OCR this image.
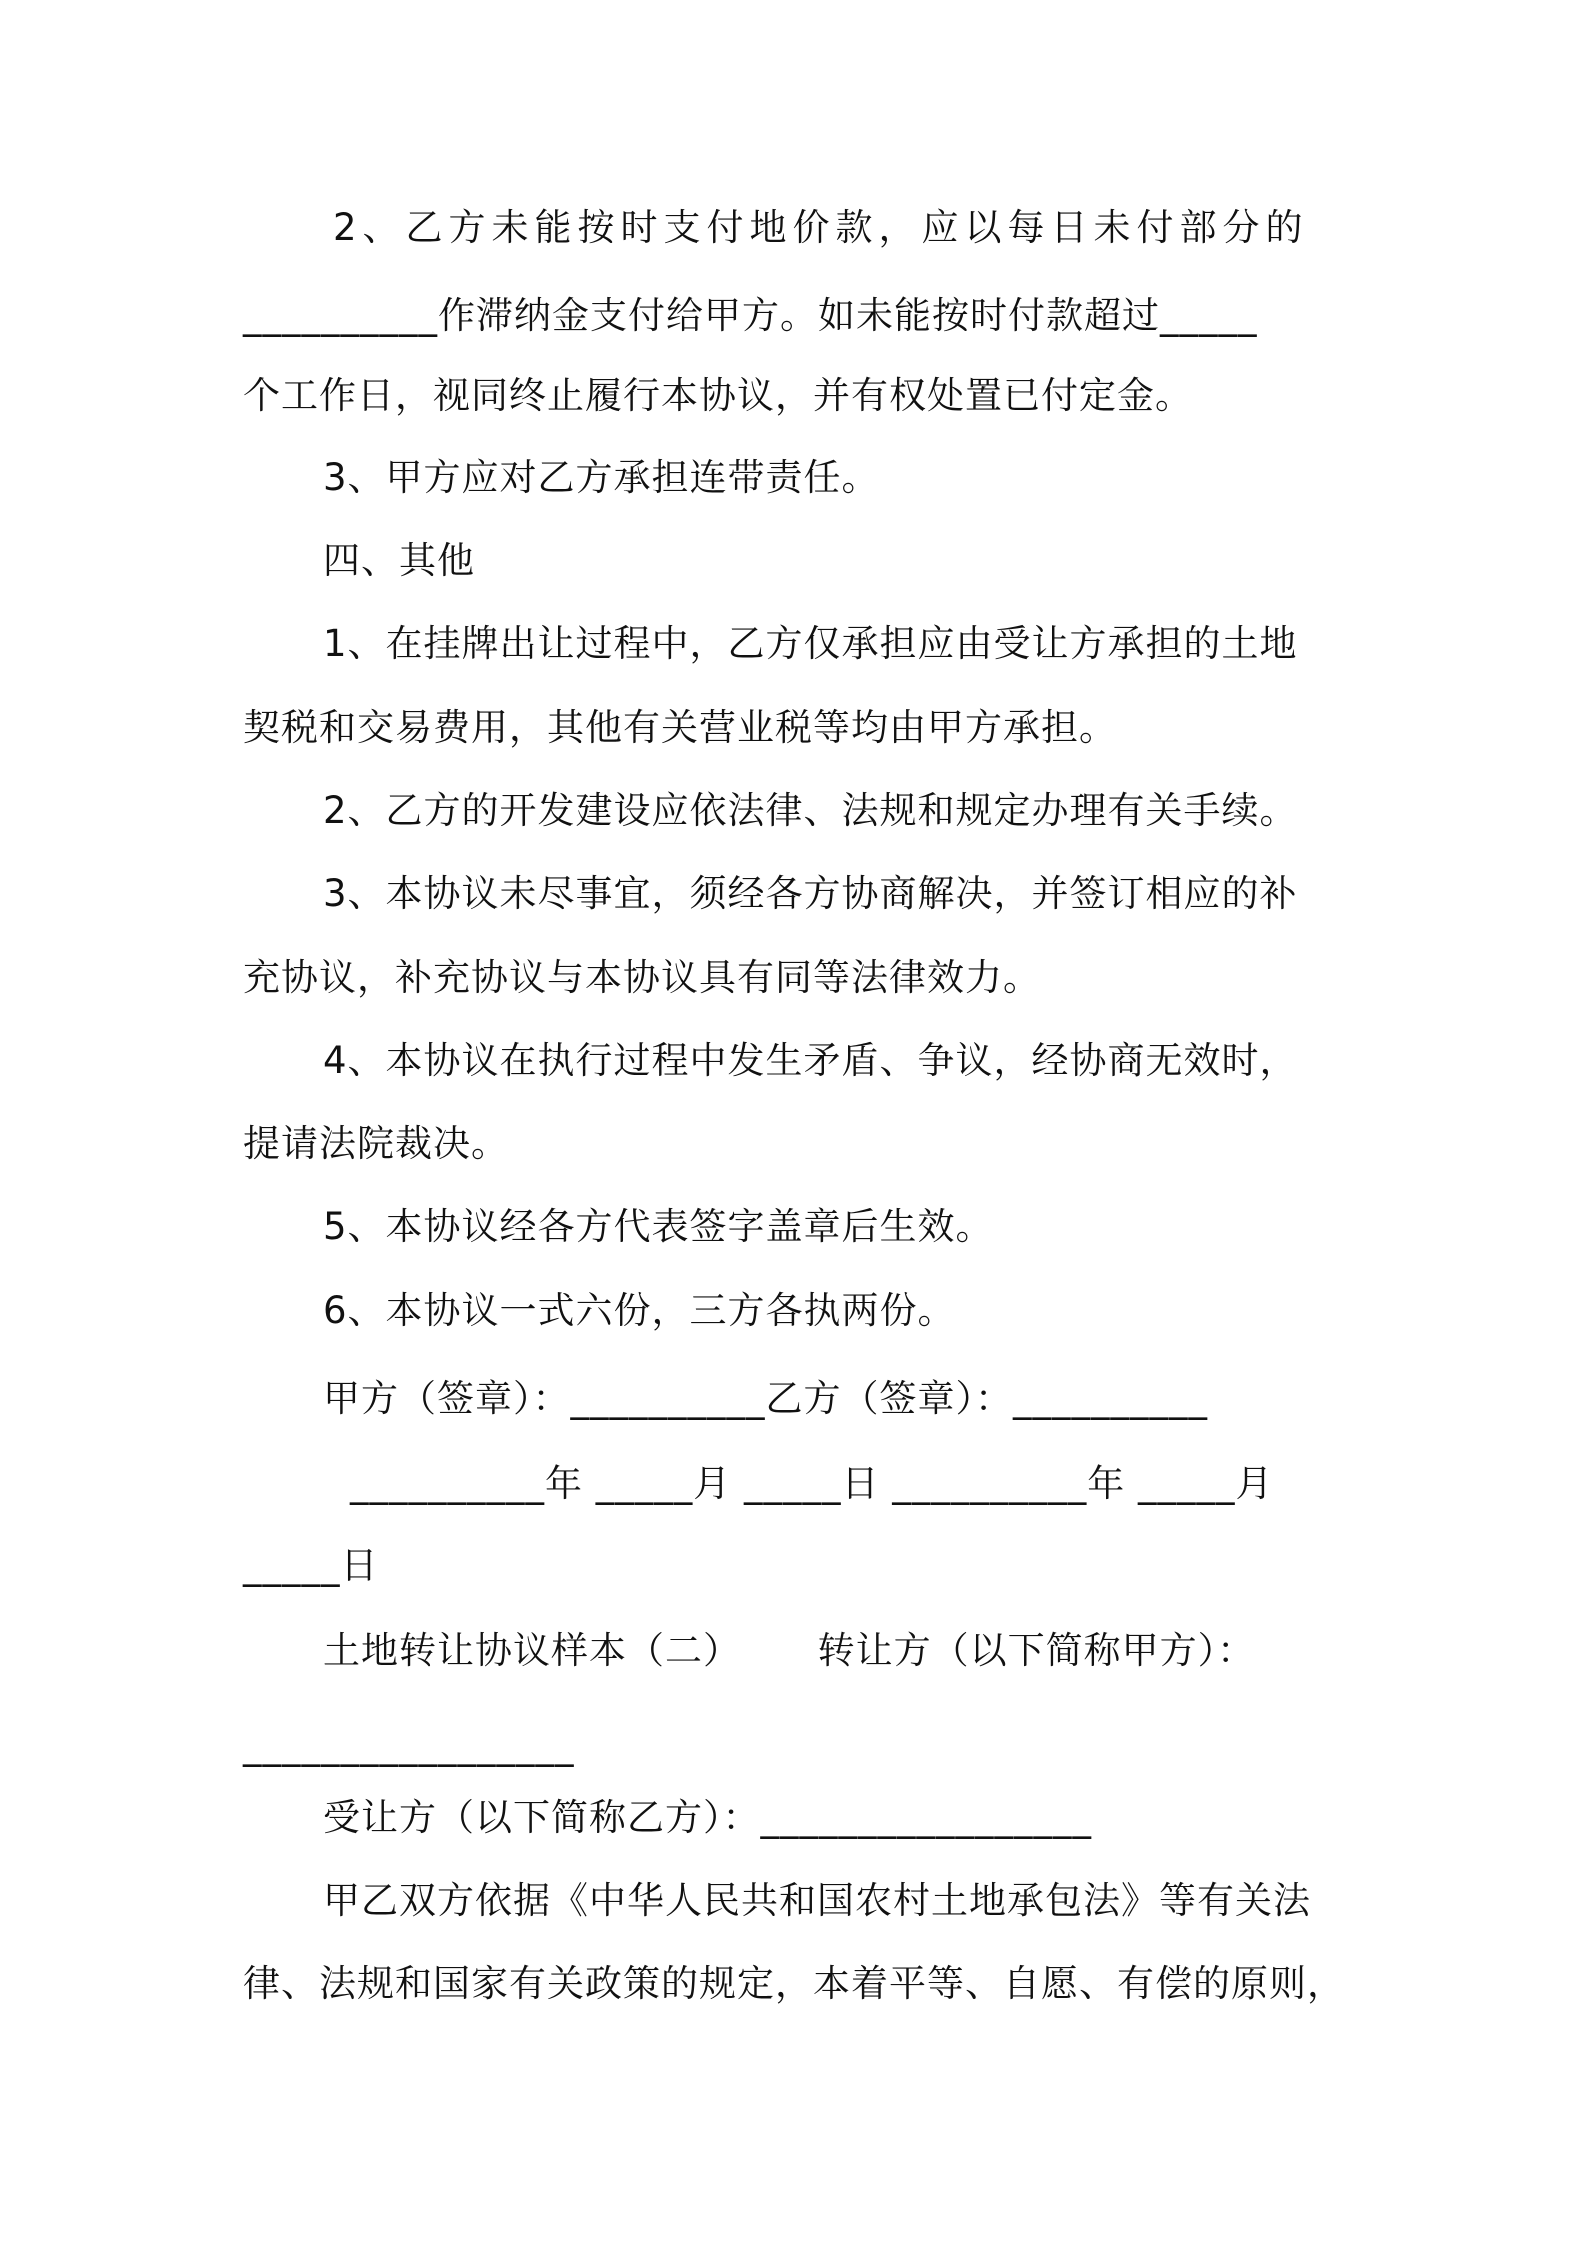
2、乙方未能按时支付地价款，应以每日未付部分的
__________作滞纳金支付给甲方。如未能按时付款超过_____
个工作日，视同终止履行本协议，并有权处置已付定金。
3、甲方应对乙方承担连带责任。
四、其他
1、在挂牌出让过程中，乙方仅承担应由受让方承担的土地
契税和交易费用，其他有关营业税等均由甲方承担。
2、乙方的开发建设应依法律、法规和规定办理有关手续。
3、本协议未尽事宜，须经各方协商解决，并签订相应的补
充协议，补充协议与本协议具有同等法律效力。
4、本协议在执行过程中发生矛盾、争议，经协商无效时，
提请法院裁决。
5、本协议经各方代表签字盖章后生效。
6、本协议一式六份，三方各执两份。
甲方（签章）：__________乙方（签章）：__________
__________年 _____月 _____日 __________年 _____月
_____日
土地转让协议样本（二）      转让方（以下简称甲方）：
_________________
受让方（以下简称乙方）：_________________
甲乙双方依据《中华人民共和国农村土地承包法》等有关法
律、法规和国家有关政策的规定，本着平等、自愿、有偿的原则，
